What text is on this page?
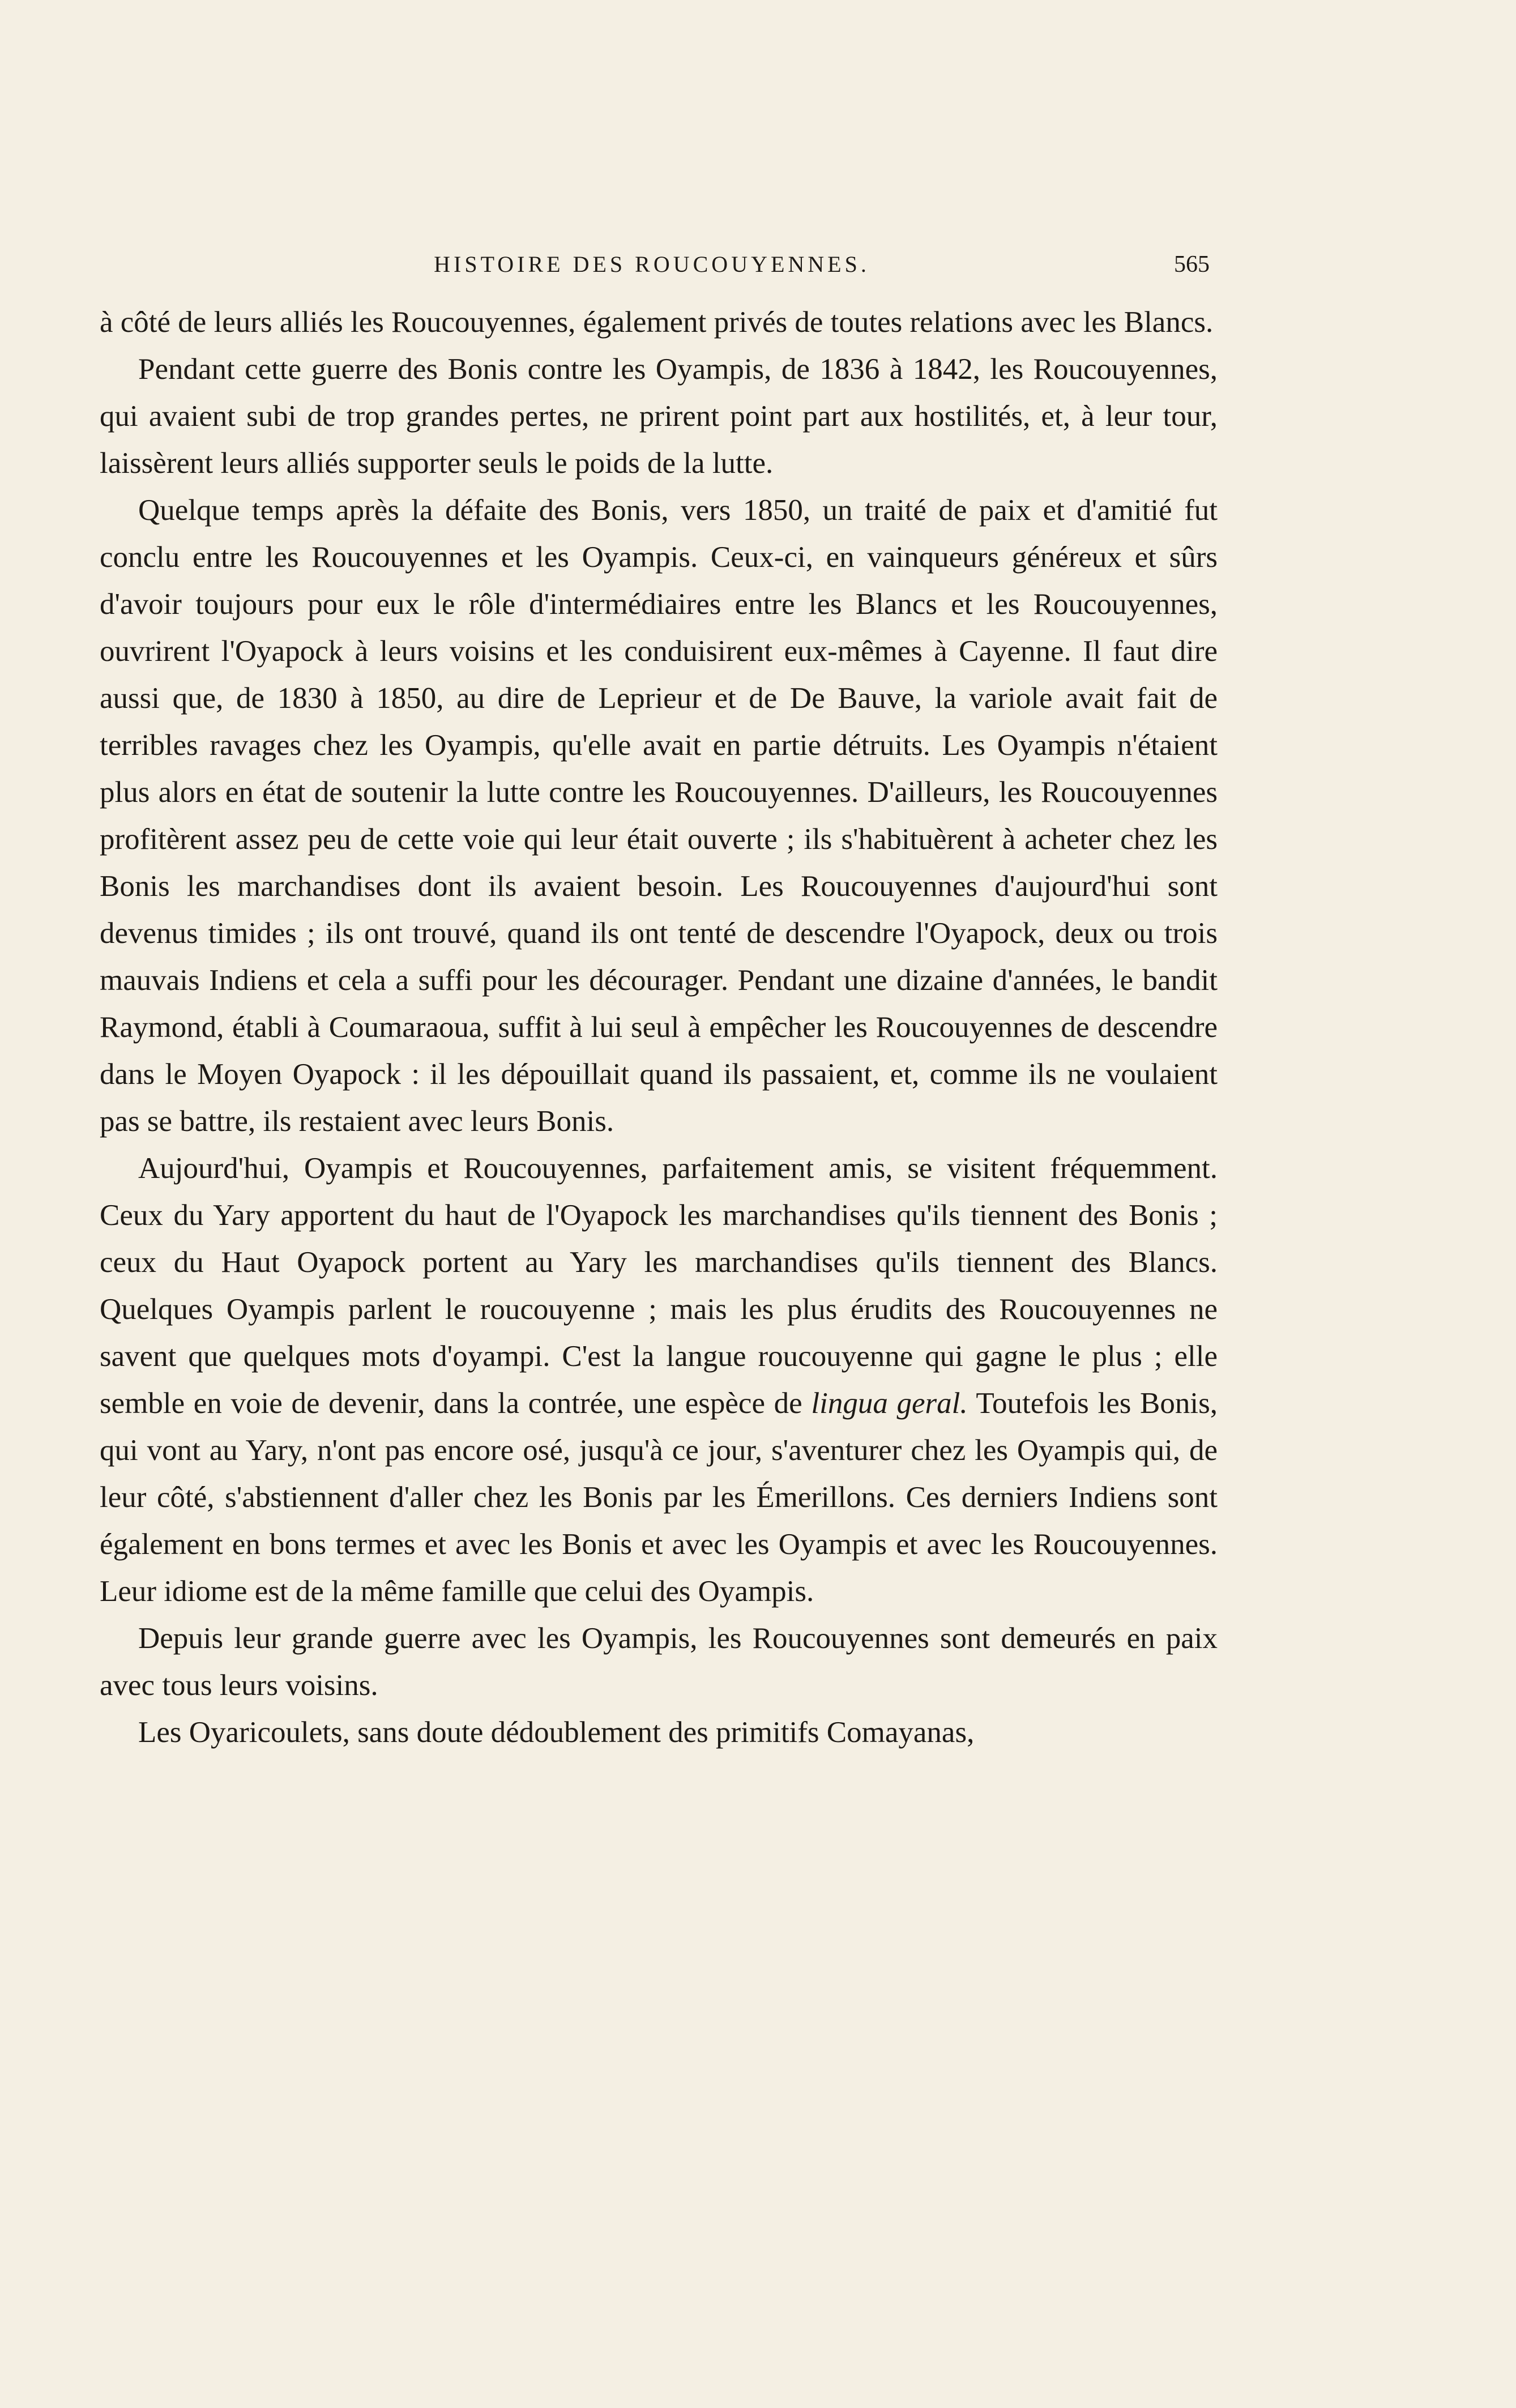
HISTOIRE DES ROUCOUYENNES.	565

à côté de leurs alliés les Roucouyennes, également privés de toutes relations avec les Blancs.

Pendant cette guerre des Bonis contre les Oyampis, de 1836 à 1842, les Roucouyennes, qui avaient subi de trop grandes pertes, ne prirent point part aux hostilités, et, à leur tour, laissèrent leurs alliés supporter seuls le poids de la lutte.

Quelque temps après la défaite des Bonis, vers 1850, un traité de paix et d'amitié fut conclu entre les Roucouyennes et les Oyampis. Ceux-ci, en vainqueurs généreux et sûrs d'avoir toujours pour eux le rôle d'intermédiaires entre les Blancs et les Roucouyennes, ouvrirent l'Oyapock à leurs voisins et les conduisirent eux-mêmes à Cayenne. Il faut dire aussi que, de 1830 à 1850, au dire de Leprieur et de De Bauve, la variole avait fait de terribles ravages chez les Oyampis, qu'elle avait en partie détruits. Les Oyampis n'étaient plus alors en état de soutenir la lutte contre les Roucouyennes. D'ailleurs, les Roucouyennes profitèrent assez peu de cette voie qui leur était ouverte ; ils s'habituèrent à acheter chez les Bonis les marchandises dont ils avaient besoin. Les Roucouyennes d'aujourd'hui sont devenus timides ; ils ont trouvé, quand ils ont tenté de descendre l'Oyapock, deux ou trois mauvais Indiens et cela a suffi pour les décourager. Pendant une dizaine d'années, le bandit Raymond, établi à Coumaraoua, suffit à lui seul à empêcher les Roucouyennes de descendre dans le Moyen Oyapock : il les dépouillait quand ils passaient, et, comme ils ne voulaient pas se battre, ils restaient avec leurs Bonis.

Aujourd'hui, Oyampis et Roucouyennes, parfaitement amis, se visitent fréquemment. Ceux du Yary apportent du haut de l'Oyapock les marchandises qu'ils tiennent des Bonis ; ceux du Haut Oyapock portent au Yary les marchandises qu'ils tiennent des Blancs. Quelques Oyampis parlent le roucouyenne ; mais les plus érudits des Roucouyennes ne savent que quelques mots d'oyampi. C'est la langue roucouyenne qui gagne le plus ; elle semble en voie de devenir, dans la contrée, une espèce de lingua geral. Toutefois les Bonis, qui vont au Yary, n'ont pas encore osé, jusqu'à ce jour, s'aventurer chez les Oyampis qui, de leur côté, s'abstiennent d'aller chez les Bonis par les Émerillons. Ces derniers Indiens sont également en bons termes et avec les Bonis et avec les Oyampis et avec les Roucouyennes. Leur idiome est de la même famille que celui des Oyampis.

Depuis leur grande guerre avec les Oyampis, les Roucouyennes sont demeurés en paix avec tous leurs voisins.

Les Oyaricoulets, sans doute dédoublement des primitifs Comayanas,
